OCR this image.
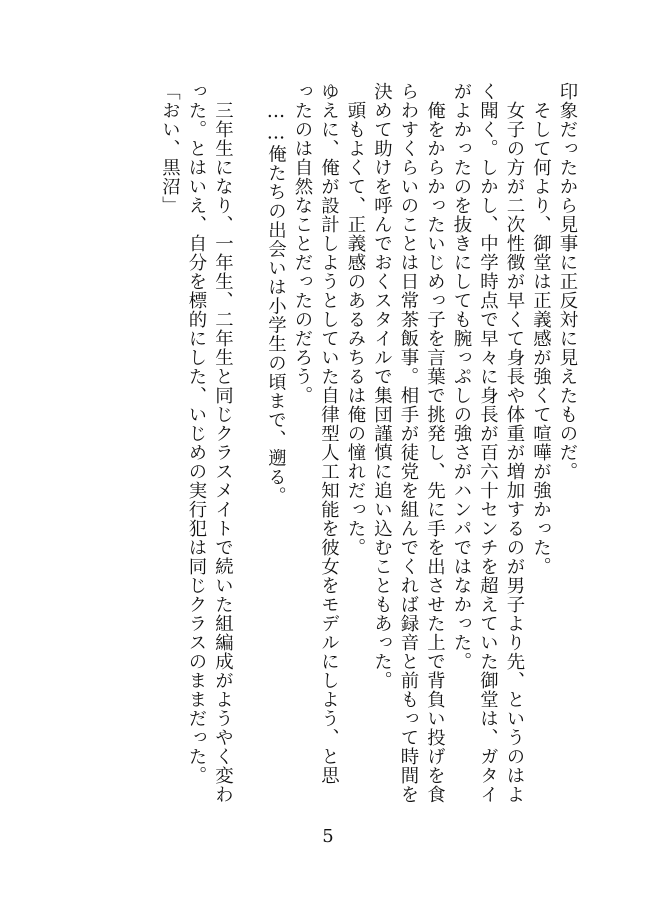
印象だったから見事に正反対に見えたものだ。
　そして何より、御堂は正義感が強くて喧嘩が強かった。
　女子の方が二次性徴が早くて身長や体重が増加するのが男子より先、というのはよ
く聞く。しかし、中学時点で早々に身長が百六十センチを超えていた御堂は、ガタイ
がよかったのを抜きにしても腕っぷしの強さがハンパではなかった。
　俺をからかったいじめっ子を言葉で挑発し、先に手を出させた上で背負い投げを食
らわすくらいのことは日常茶飯事。相手が徒党を組んでくれば録音と前もって時間を
決めて助けを呼んでおくスタイルで集団謹慎に追い込むこともあった。
　頭もよくて、正義感のあるみちるは俺の憧れだった。
ゆえに、俺が設計しようとしていた自律型人工知能を彼女をモデルにしよう、と思
ったのは自然なことだったのだろう。
　……俺たちの出会いは小学生の頃まで、遡る。

　三年生になり、一年生、二年生と同じクラスメイトで続いた組編成がようやく変わ
った。とはいえ、自分を標的にした、いじめの実行犯は同じクラスのままだった。
「おい、黒沼」
5
